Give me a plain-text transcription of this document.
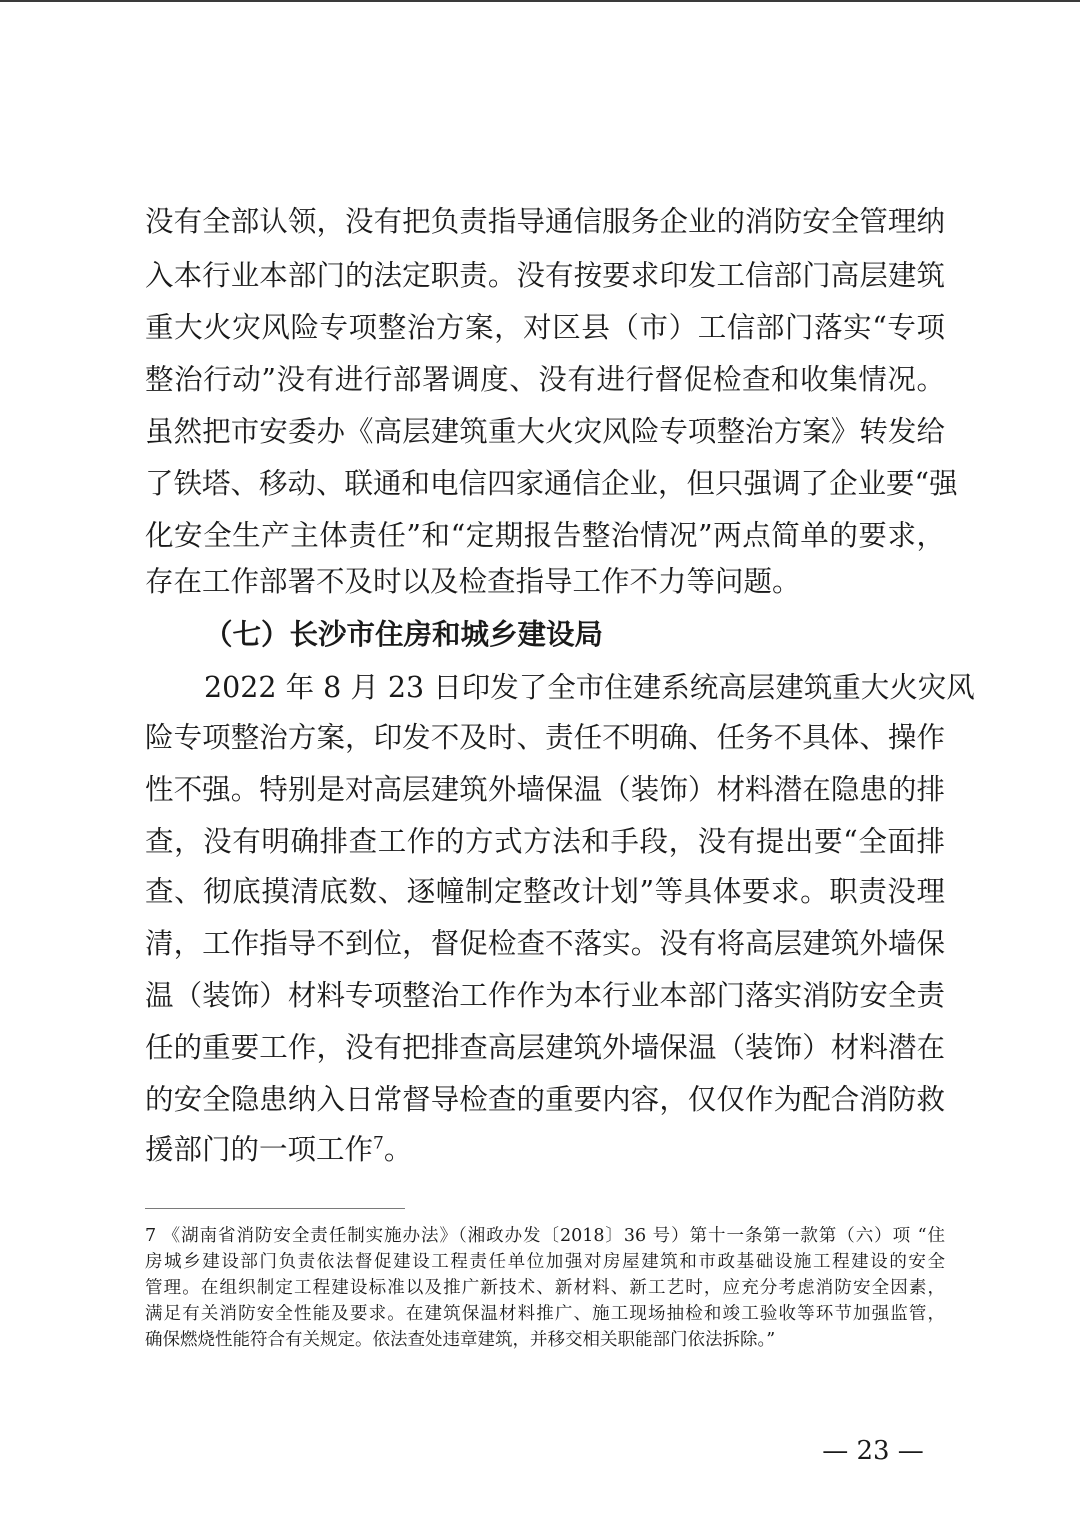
没有全部认领，没有把负责指导通信服务企业的消防安全管理纳
入本行业本部门的法定职责。没有按要求印发工信部门高层建筑
重大火灾风险专项整治方案，对区县（市）工信部门落实“专项
整治行动”没有进行部署调度、没有进行督促检查和收集情况。
虽然把市安委办《高层建筑重大火灾风险专项整治方案》转发给
了铁塔、移动、联通和电信四家通信企业，但只强调了企业要“强
化安全生产主体责任”和“定期报告整治情况”两点简单的要求，
存在工作部署不及时以及检查指导工作不力等问题。
（七）长沙市住房和城乡建设局
2022 年 8 月 23 日印发了全市住建系统高层建筑重大火灾风
险专项整治方案，印发不及时、责任不明确、任务不具体、操作
性不强。特别是对高层建筑外墙保温（装饰）材料潜在隐患的排
查，没有明确排查工作的方式方法和手段，没有提出要“全面排
查、彻底摸清底数、逐幢制定整改计划”等具体要求。职责没理
清，工作指导不到位，督促检查不落实。没有将高层建筑外墙保
温（装饰）材料专项整治工作作为本行业本部门落实消防安全责
任的重要工作，没有把排查高层建筑外墙保温（装饰）材料潜在
的安全隐患纳入日常督导检查的重要内容，仅仅作为配合消防救
援部门的一项工作$^7$。
7 《湖南省消防安全责任制实施办法》（湘政办发〔2018〕36 号）第十一条第一款第（六）项 “住
房城乡建设部门负责依法督促建设工程责任单位加强对房屋建筑和市政基础设施工程建设的安全
管理。在组织制定工程建设标准以及推广新技术、新材料、新工艺时，应充分考虑消防安全因素，
满足有关消防安全性能及要求。在建筑保温材料推广、施工现场抽检和竣工验收等环节加强监管，
确保燃烧性能符合有关规定。依法查处违章建筑，并移交相关职能部门依法拆除。”
— 23 —
